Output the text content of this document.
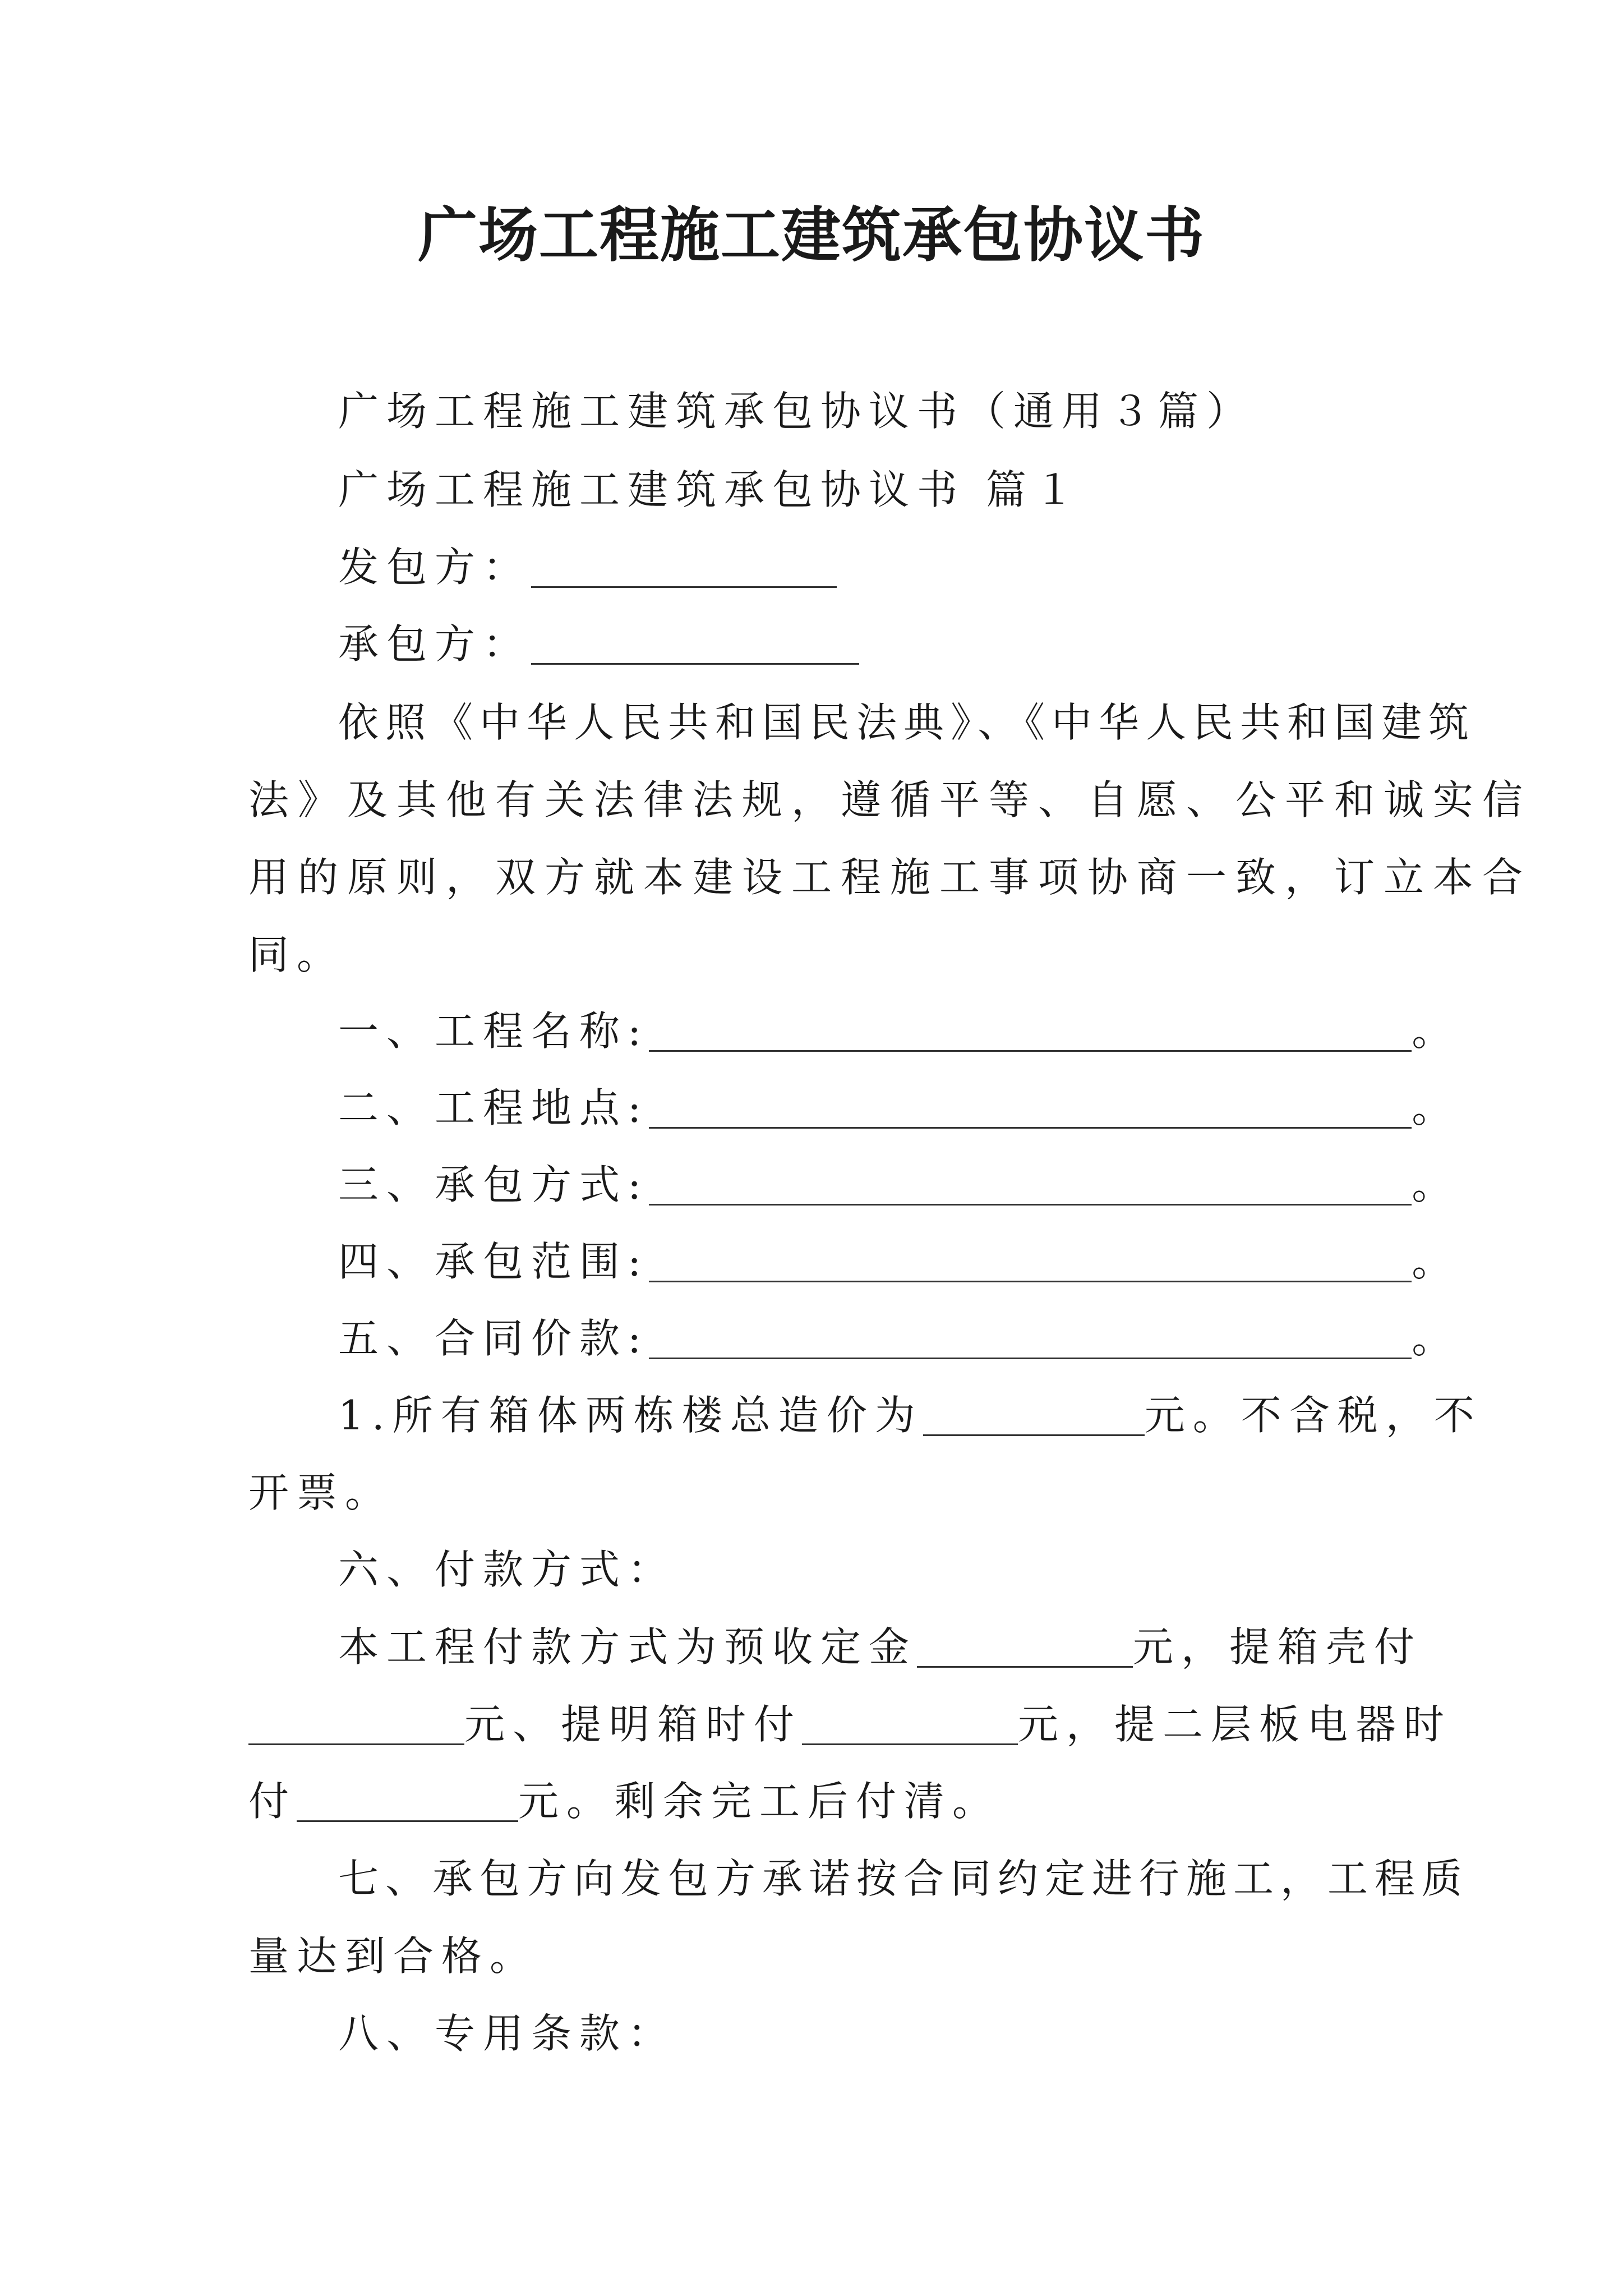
广场工程施工建筑承包协议书
广场工程施工建筑承包协议书（通用３篇）
广场工程施工建筑承包协议书 篇１
发包方：
承包方：
依照《中华人民共和国民法典》、《中华人民共和国建筑
法》及其他有关法律法规，遵循平等、自愿、公平和诚实信
用的原则，双方就本建设工程施工事项协商一致，订立本合
同。
一、工程名称:	。
二、工程地点:	。
三、承包方式:	。
四、承包范围:	。
五、合同价款:	。
1.所有箱体两栋楼总造价为	元。不含税，不
开票。
六、付款方式：
本工程付款方式为预收定金	元，提箱壳付
元、提明箱时付	元，提二层板电器时
付	元。剩余完工后付清。
七、承包方向发包方承诺按合同约定进行施工，工程质
量达到合格。
八、专用条款：
